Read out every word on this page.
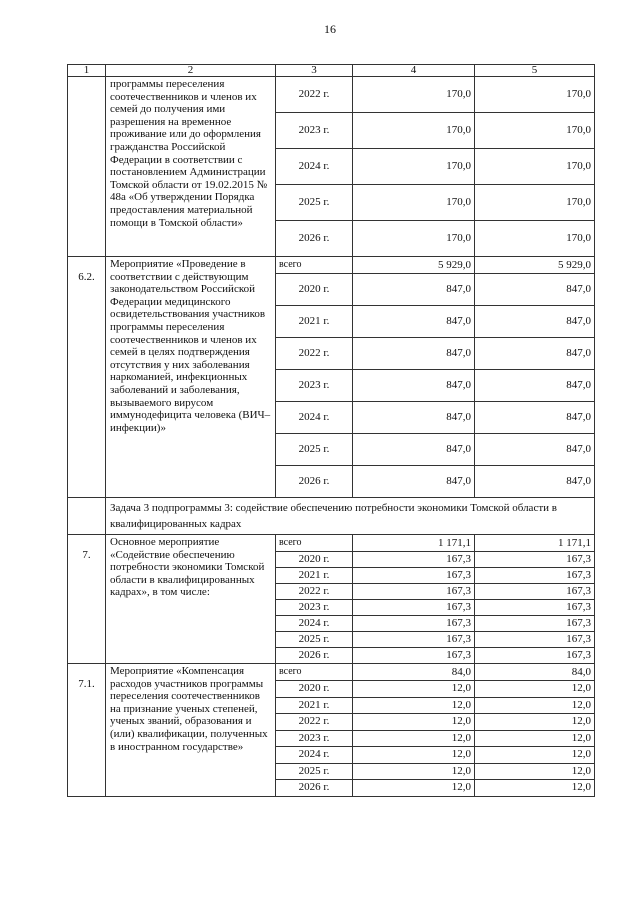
16
1	2	3	4	5
	программы переселения соотечественников и членов их семей до получения ими разрешения на временное проживание или до оформления гражданства Российской Федерации в соответствии с постановлением Администрации Томской области от 19.02.2015 № 48а «Об утверждении Порядка предоставления материальной помощи в Томской области»	2022 г.	170,0	170,0
		2023 г.	170,0	170,0
		2024 г.	170,0	170,0
		2025 г.	170,0	170,0
		2026 г.	170,0	170,0
6.2.	Мероприятие «Проведение в соответствии с действующим законодательством Российской Федерации медицинского освидетельствования участников программы переселения соотечественников и членов их семей в целях подтверждения отсутствия у них заболевания наркоманией, инфекционных заболеваний и заболевания, вызываемого вирусом иммунодефицита человека (ВИЧ–инфекции)»	всего	5 929,0	5 929,0
		2020 г.	847,0	847,0
		2021 г.	847,0	847,0
		2022 г.	847,0	847,0
		2023 г.	847,0	847,0
		2024 г.	847,0	847,0
		2025 г.	847,0	847,0
		2026 г.	847,0	847,0
	Задача 3 подпрограммы 3: содействие обеспечению потребности экономики Томской области в квалифицированных кадрах			
7.	Основное мероприятие «Содействие обеспечению потребности экономики Томской области в квалифицированных кадрах», в том числе:	всего	1 171,1	1 171,1
		2020 г.	167,3	167,3
		2021 г.	167,3	167,3
		2022 г.	167,3	167,3
		2023 г.	167,3	167,3
		2024 г.	167,3	167,3
		2025 г.	167,3	167,3
		2026 г.	167,3	167,3
7.1.	Мероприятие «Компенсация расходов участников программы переселения соотечественников на признание ученых степеней, ученых званий, образования и (или) квалификации, полученных в иностранном государстве»	всего	84,0	84,0
		2020 г.	12,0	12,0
		2021 г.	12,0	12,0
		2022 г.	12,0	12,0
		2023 г.	12,0	12,0
		2024 г.	12,0	12,0
		2025 г.	12,0	12,0
		2026 г.	12,0	12,0
